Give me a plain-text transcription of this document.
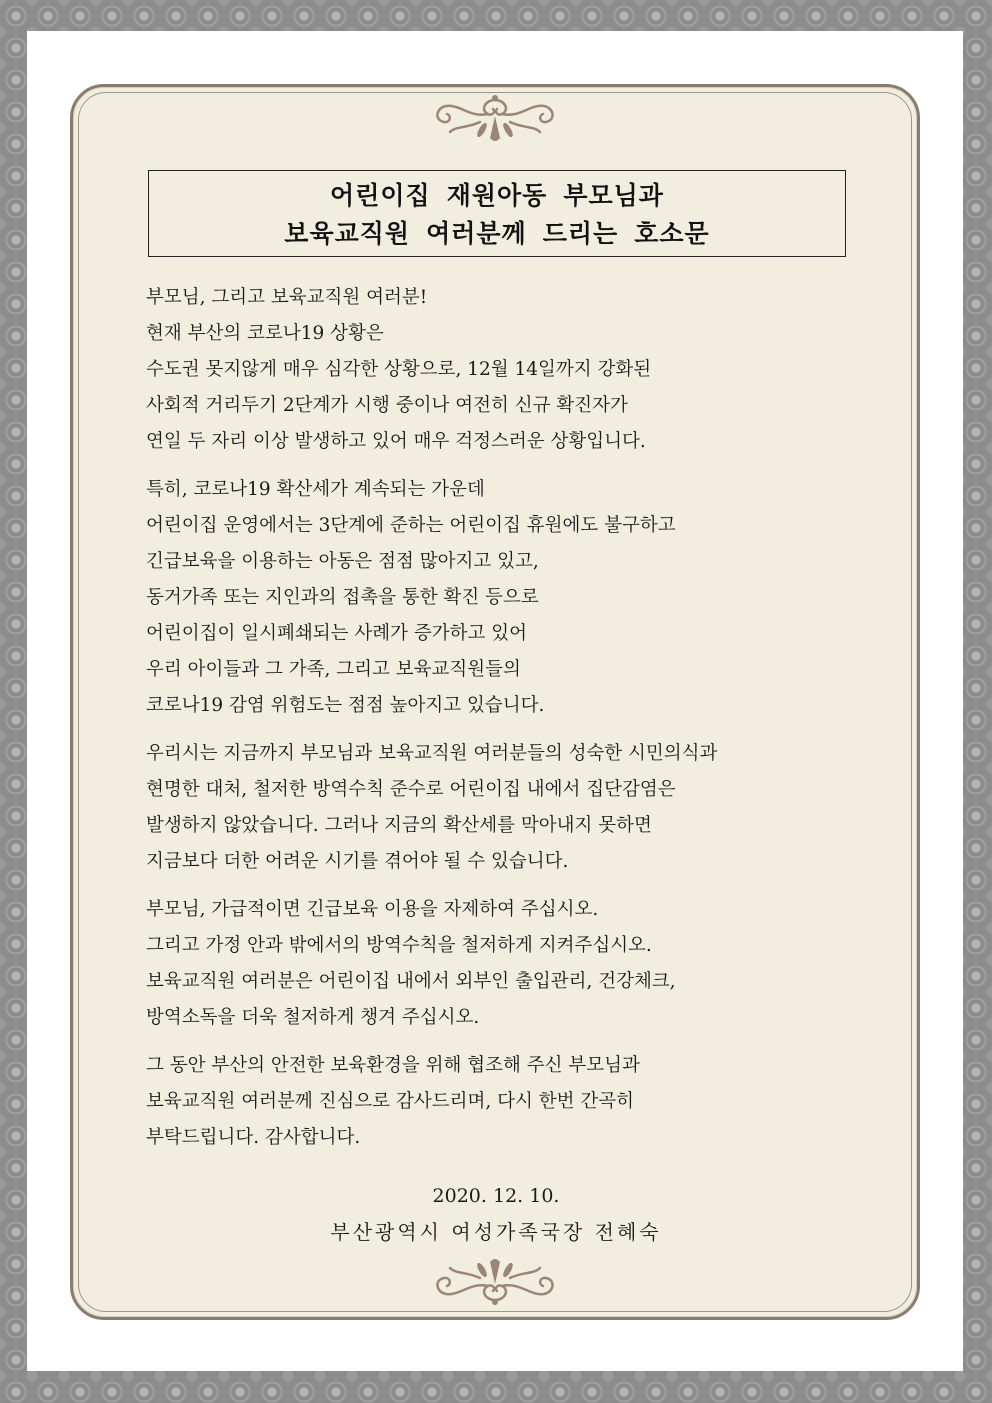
어린이집 재원아동 부모님과
보육교직원 여러분께 드리는 호소문
부모님, 그리고 보육교직원 여러분!
현재 부산의 코로나19 상황은
수도권 못지않게 매우 심각한 상황으로, 12월 14일까지 강화된
사회적 거리두기 2단계가 시행 중이나 여전히 신규 확진자가
연일 두 자리 이상 발생하고 있어 매우 걱정스러운 상황입니다.
특히, 코로나19 확산세가 계속되는 가운데
어린이집 운영에서는 3단계에 준하는 어린이집 휴원에도 불구하고
긴급보육을 이용하는 아동은 점점 많아지고 있고,
동거가족 또는 지인과의 접촉을 통한 확진 등으로
어린이집이 일시폐쇄되는 사례가 증가하고 있어
우리 아이들과 그 가족, 그리고 보육교직원들의
코로나19 감염 위험도는 점점 높아지고 있습니다.
우리시는 지금까지 부모님과 보육교직원 여러분들의 성숙한 시민의식과
현명한 대처, 철저한 방역수칙 준수로 어린이집 내에서 집단감염은
발생하지 않았습니다. 그러나 지금의 확산세를 막아내지 못하면
지금보다 더한 어려운 시기를 겪어야 될 수 있습니다.
부모님, 가급적이면 긴급보육 이용을 자제하여 주십시오.
그리고 가정 안과 밖에서의 방역수칙을 철저하게 지켜주십시오.
보육교직원 여러분은 어린이집 내에서 외부인 출입관리, 건강체크,
방역소독을 더욱 철저하게 챙겨 주십시오.
그 동안 부산의 안전한 보육환경을 위해 협조해 주신 부모님과
보육교직원 여러분께 진심으로 감사드리며, 다시 한번 간곡히
부탁드립니다. 감사합니다.
2020. 12. 10.
부산광역시 여성가족국장 전혜숙
